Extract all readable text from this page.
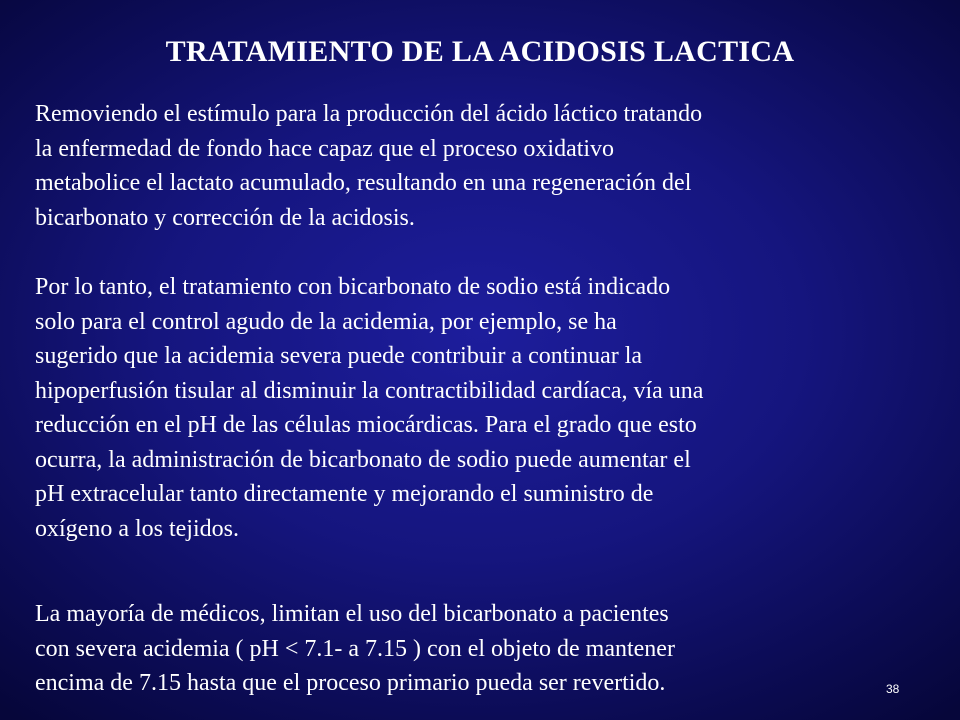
TRATAMIENTO DE LA ACIDOSIS LACTICA
Removiendo el estímulo para la producción del ácido láctico tratando
la enfermedad de fondo hace capaz que el proceso oxidativo
metabolice el lactato acumulado, resultando en una regeneración del
bicarbonato y corrección de la acidosis.
Por lo tanto, el tratamiento con bicarbonato de sodio está indicado
solo para el control agudo de la acidemia, por ejemplo, se ha
sugerido que la acidemia severa puede contribuir a continuar la
hipoperfusión tisular al disminuir la contractibilidad cardíaca, vía una
reducción en el pH de las células miocárdicas. Para el grado que esto
ocurra, la administración de bicarbonato de sodio puede aumentar el
pH extracelular tanto directamente y mejorando el suministro de
oxígeno a los tejidos.
La mayoría de médicos, limitan el uso del bicarbonato a pacientes
con severa acidemia ( pH < 7.1- a 7.15 ) con el objeto de mantener
encima de 7.15 hasta que el proceso primario pueda ser revertido.	38
